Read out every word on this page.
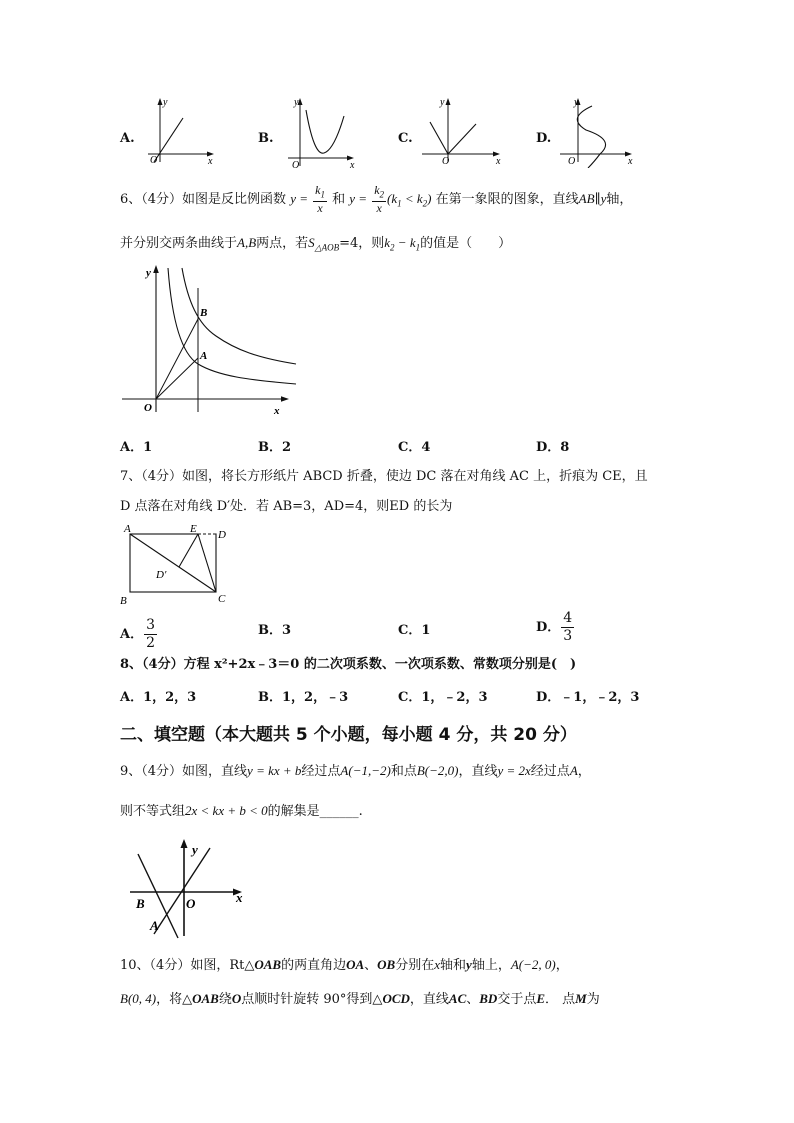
A.
y
x
O
B.
y
x
O
C.
y
x
O
D.
y
x
O
6、（4分）如图是反比例函数 $y = \frac{k_1}{x}$ 和 $y = \frac{k_2}{x} (k_1 < k_2)$ 在第一象限的图象，直线AB∥y轴，
并分别交两条曲线于A,B两点，若$S_{\triangle AOB}=4$，则$k_2 - k_1$的值是（　　）
y
x
O
B
A
A．1	B．2	C．4	D．8
7、（4分）如图，将长方形纸片 ABCD 折叠，使边 DC 落在对角线 AC 上，折痕为 CE，且
D 点落在对角线 D′处．若 AB=3，AD=4，则ED 的长为
A	E D
D′
B	C
A． $\frac{3}{2}$	B．3	C．1	D． $\frac{4}{3}$
8、（4分）方程 x²+2x﹣3＝0 的二次项系数、一次项系数、常数项分别是(　)
A．1，2，3	B．1，2，﹣3	C．1，﹣2，3	D．﹣1，﹣2，3
二、填空题（本大题共 5 个小题，每小题 4 分，共 20 分）
9、（4分）如图，直线y = kx + b经过点A(−1,−2)和点B(−2,0)，直线y = 2x经过点A，
则不等式组2x < kx + b < 0的解集是______.
y
x
O
B
A
10、（4分）如图，Rt△OAB的两直角边OA、OB分别在x轴和y轴上，A(−2, 0)，
B(0, 4)，将△OAB绕O点顺时针旋转 90°得到△OCD，直线AC、BD交于点E． 点M为
